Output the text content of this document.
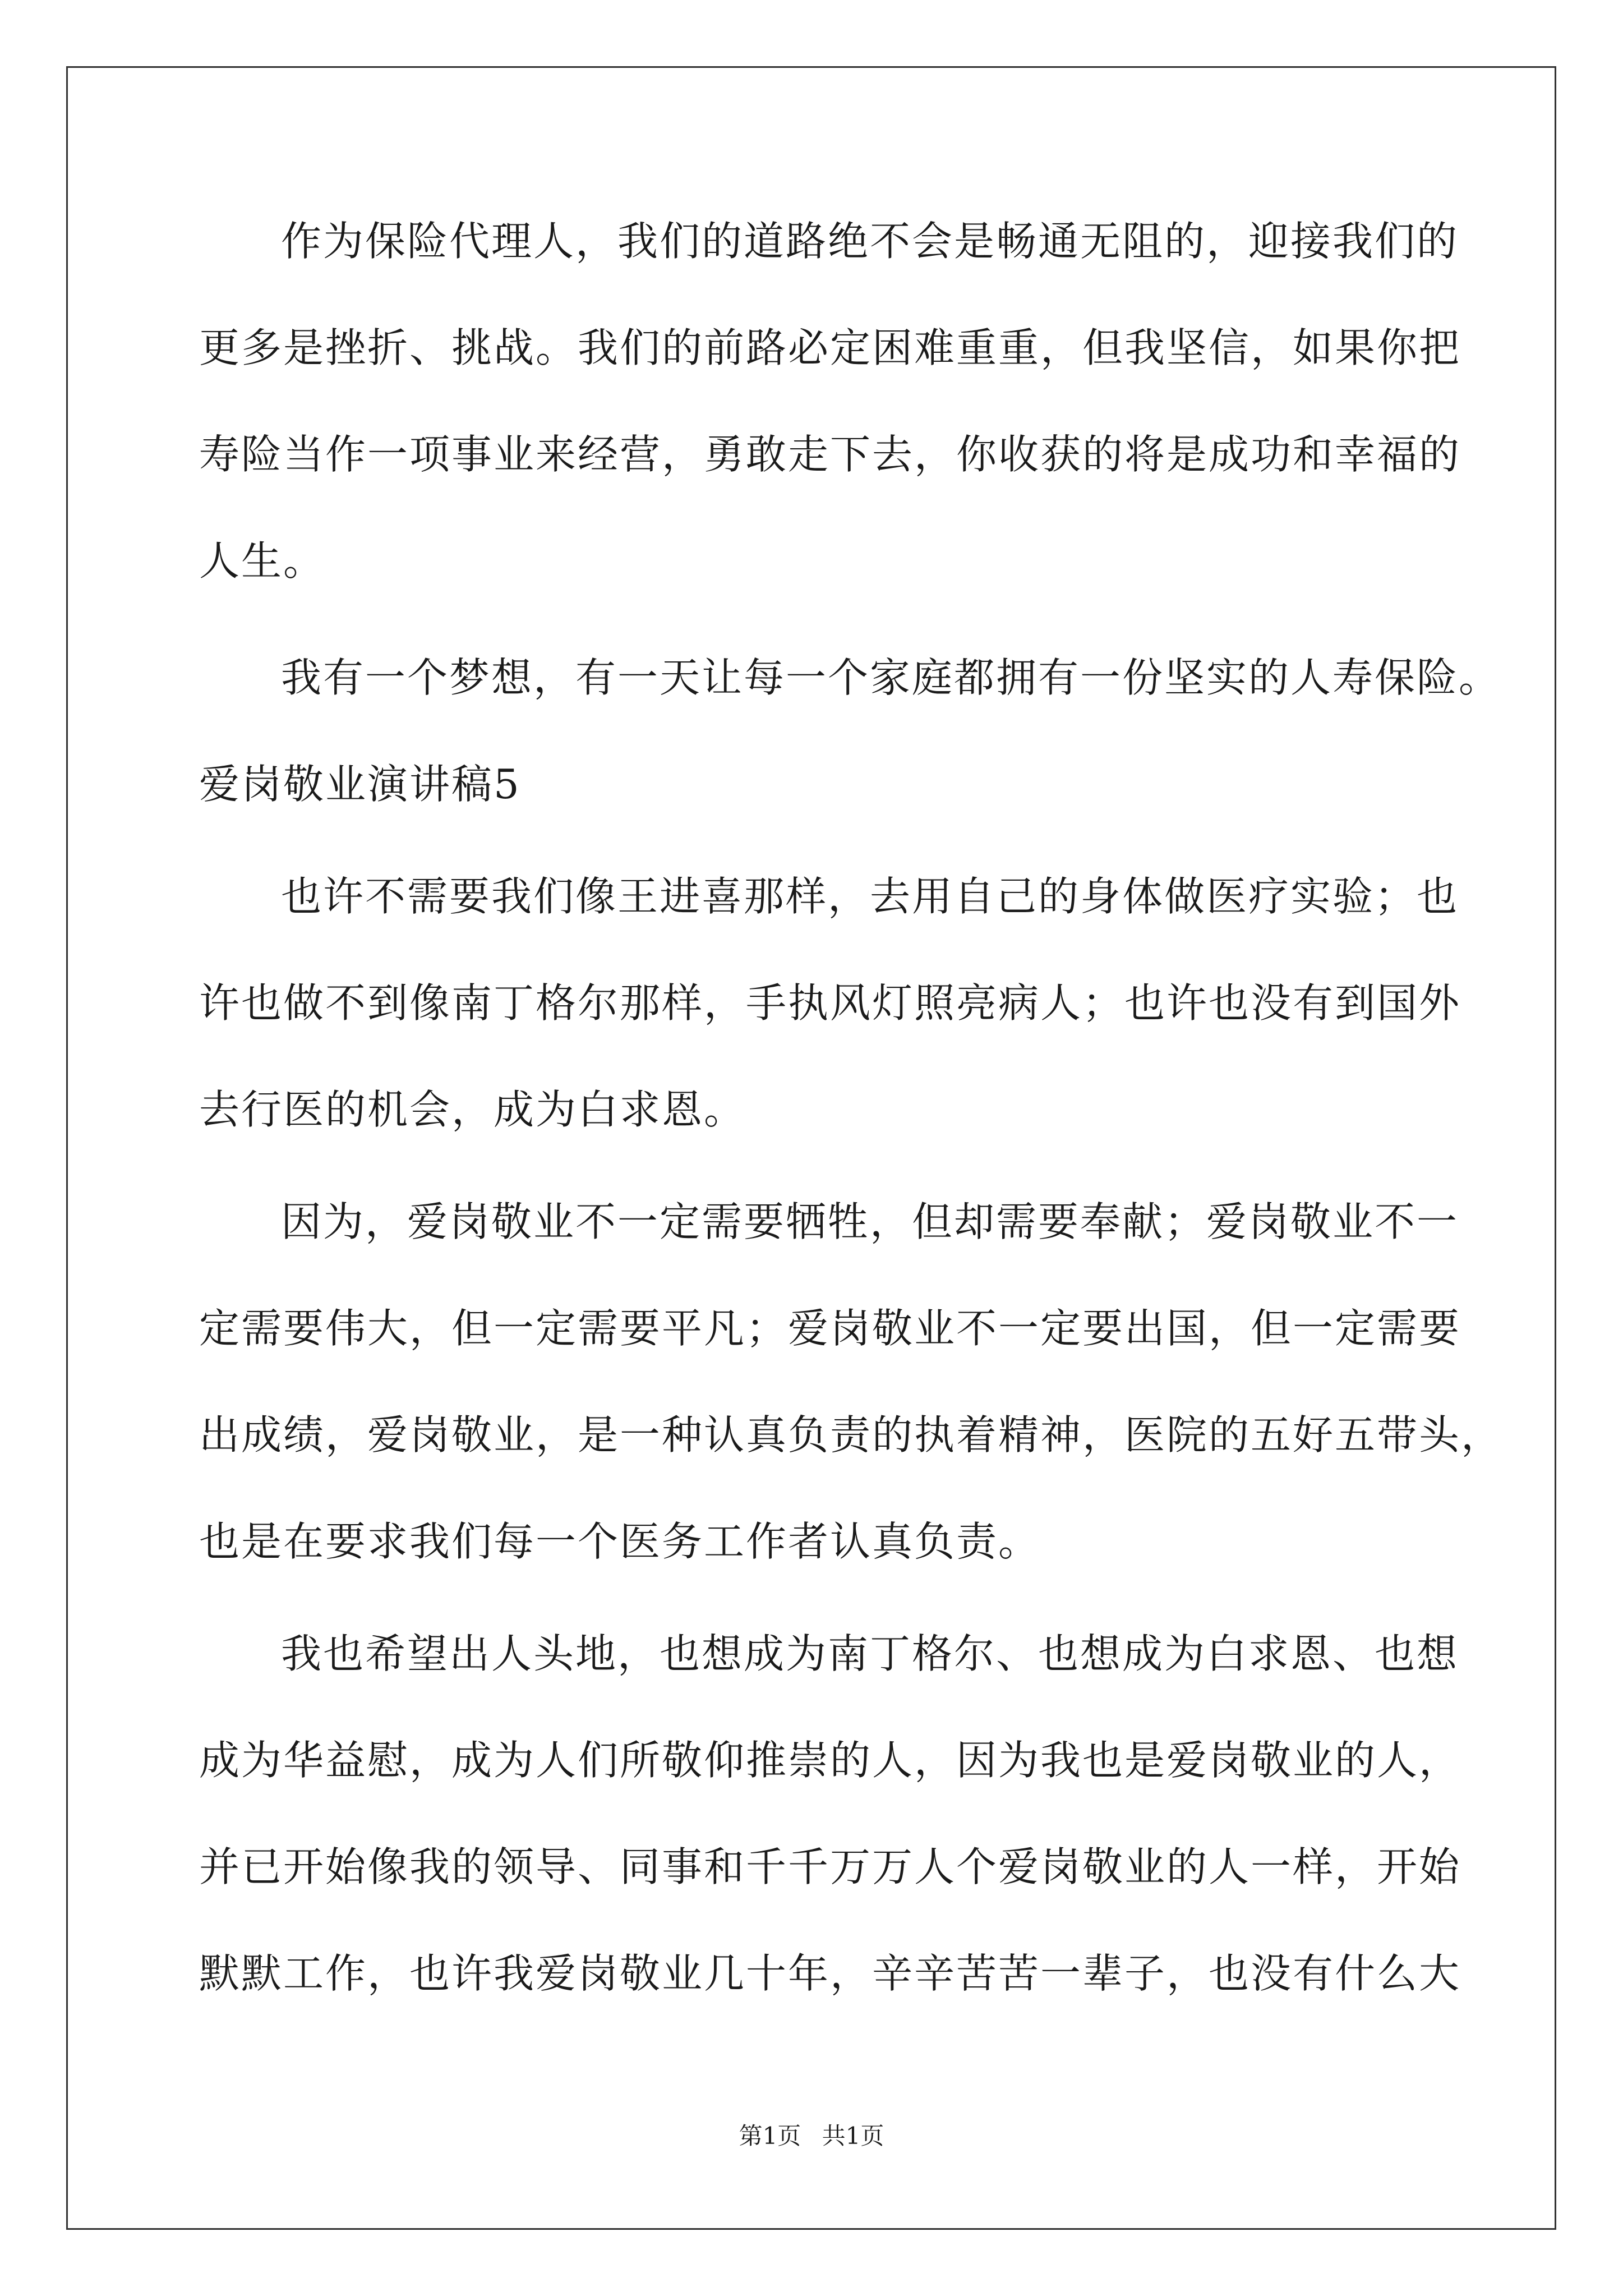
作为保险代理人，我们的道路绝不会是畅通无阻的，迎接我们的
更多是挫折、挑战。我们的前路必定困难重重，但我坚信，如果你把
寿险当作一项事业来经营，勇敢走下去，你收获的将是成功和幸福的
人生。
我有一个梦想，有一天让每一个家庭都拥有一份坚实的人寿保险。
爱岗敬业演讲稿5
也许不需要我们像王进喜那样，去用自己的身体做医疗实验；也
许也做不到像南丁格尔那样，手执风灯照亮病人；也许也没有到国外
去行医的机会，成为白求恩。
因为，爱岗敬业不一定需要牺牲，但却需要奉献；爱岗敬业不一
定需要伟大，但一定需要平凡；爱岗敬业不一定要出国，但一定需要
出成绩，爱岗敬业，是一种认真负责的执着精神，医院的五好五带头，
也是在要求我们每一个医务工作者认真负责。
我也希望出人头地，也想成为南丁格尔、也想成为白求恩、也想
成为华益慰，成为人们所敬仰推崇的人，因为我也是爱岗敬业的人，
并已开始像我的领导、同事和千千万万人个爱岗敬业的人一样，开始
默默工作，也许我爱岗敬业几十年，辛辛苦苦一辈子，也没有什么大
第1页 共1页
